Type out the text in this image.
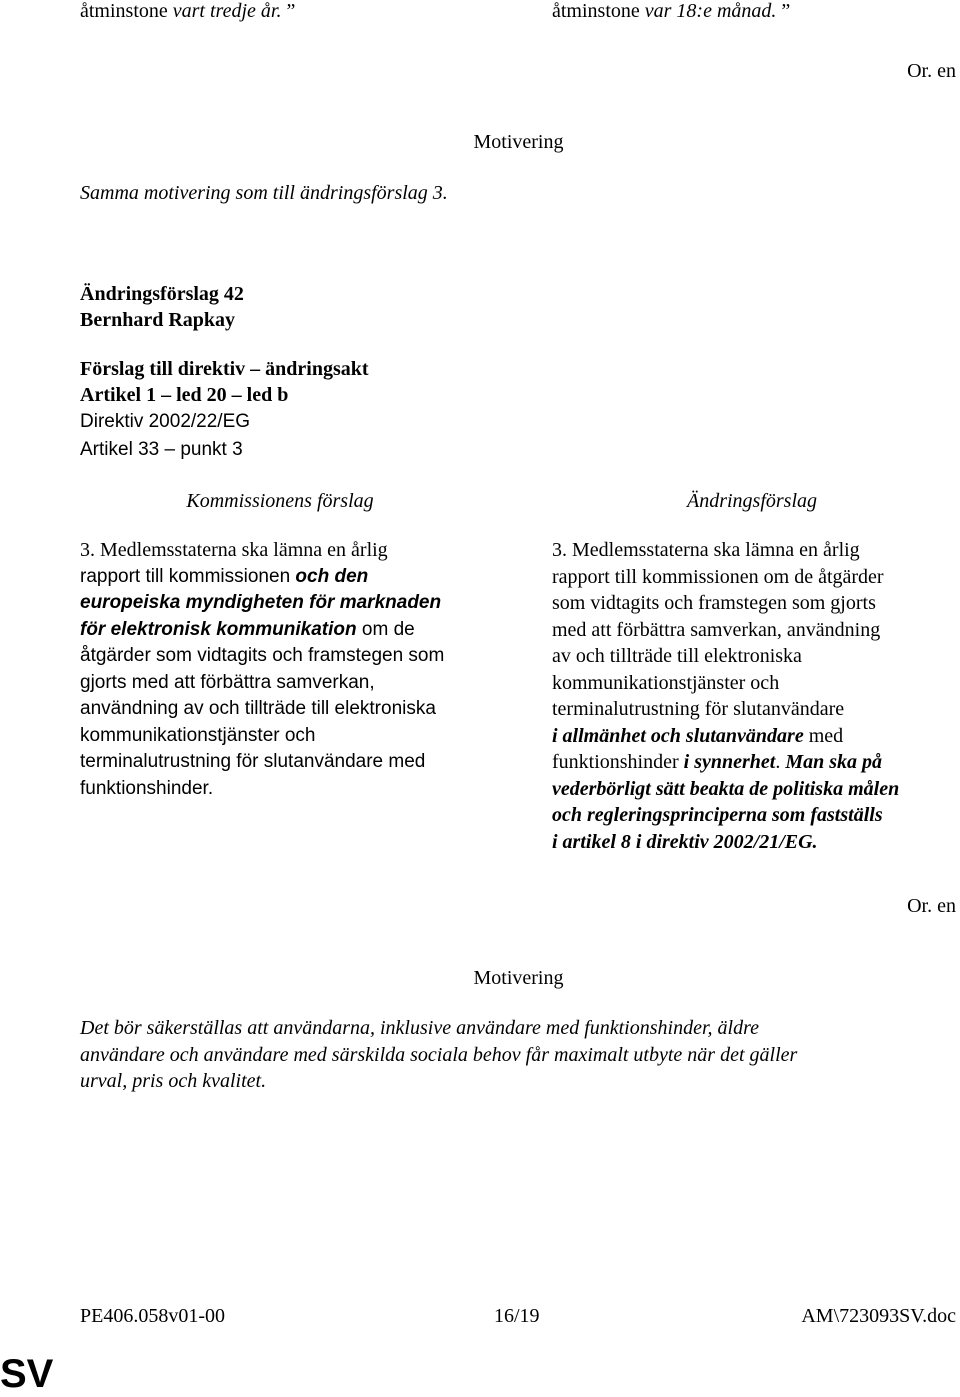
åtminstone vart tredje år. ”	åtminstone var 18:e månad. ”
Or. en
Motivering
Samma motivering som till ändringsförslag 3.
Ändringsförslag 42
Bernhard Rapkay
Förslag till direktiv – ändringsakt
Artikel 1 – led 20 – led b
Direktiv 2002/22/EG
Artikel 33 – punkt 3
Kommissionens förslag	Ändringsförslag
3. Medlemsstaterna ska lämna en årlig
rapport till kommissionen och den
europeiska myndigheten för marknaden
för elektronisk kommunikation om de
åtgärder som vidtagits och framstegen som
gjorts med att förbättra samverkan,
användning av och tillträde till elektroniska
kommunikationstjänster och
terminalutrustning för slutanvändare med
funktionshinder.
3. Medlemsstaterna ska lämna en årlig
rapport till kommissionen om de åtgärder
som vidtagits och framstegen som gjorts
med att förbättra samverkan, användning
av och tillträde till elektroniska
kommunikationstjänster och
terminalutrustning för slutanvändare
i allmänhet och slutanvändare med
funktionshinder i synnerhet. Man ska på
vederbörligt sätt beakta de politiska målen
och regleringsprinciperna som fastställs
i artikel 8 i direktiv 2002/21/EG.
Or. en
Motivering
Det bör säkerställas att användarna, inklusive användare med funktionshinder, äldre
användare och användare med särskilda sociala behov får maximalt utbyte när det gäller
urval, pris och kvalitet.
PE406.058v01-00	16/19	AM\723093SV.doc
SV
